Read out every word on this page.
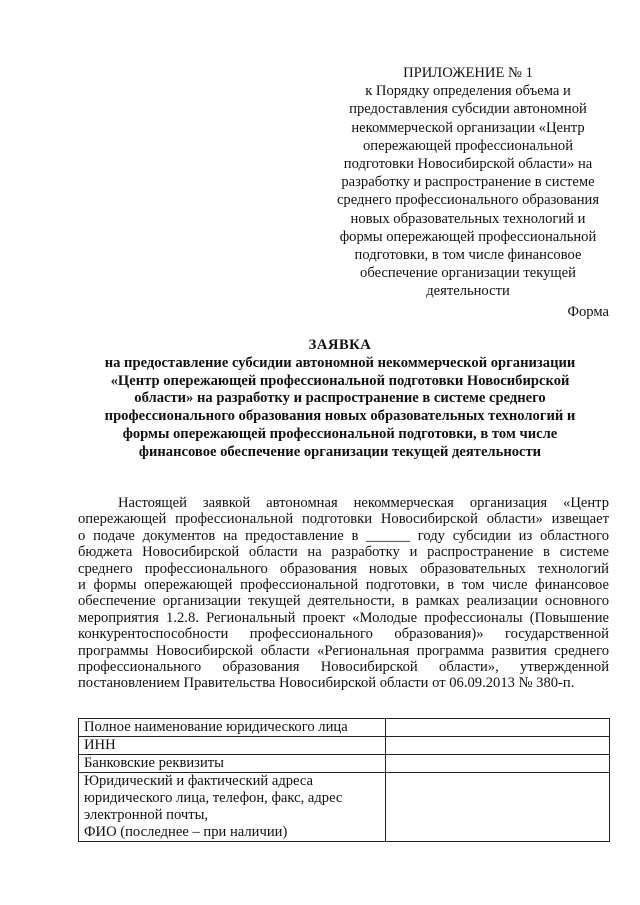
ПРИЛОЖЕНИЕ № 1
к Порядку определения объема и
предоставления субсидии автономной
некоммерческой организации «Центр
опережающей профессиональной
подготовки Новосибирской области» на
разработку и распространение в системе
среднего профессионального образования
новых образовательных технологий и
формы опережающей профессиональной
подготовки, в том числе финансовое
обеспечение организации текущей
деятельности
Форма
ЗАЯВКА
на предоставление субсидии автономной некоммерческой организации
«Центр опережающей профессиональной подготовки Новосибирской
области» на разработку и распространение в системе среднего
профессионального образования новых образовательных технологий и
формы опережающей профессиональной подготовки, в том числе
финансовое обеспечение организации текущей деятельности
Настоящей заявкой автономная некоммерческая организация «Центр
опережающей профессиональной подготовки Новосибирской области» извещает
о подаче документов на предоставление в ______ году субсидии из областного
бюджета Новосибирской области на разработку и распространение в системе
среднего профессионального образования новых образовательных технологий
и формы опережающей профессиональной подготовки, в том числе финансовое
обеспечение организации текущей деятельности, в рамках реализации основного
мероприятия 1.2.8. Региональный проект «Молодые профессионалы (Повышение
конкурентоспособности профессионального образования)» государственной
программы Новосибирской области «Региональная программа развития среднего
профессионального образования Новосибирской области», утвержденной
постановлением Правительства Новосибирской области от 06.09.2013 № 380-п.
Полное наименование юридического лица	
ИНН	
Банковские реквизиты	

Юридический и фактический адреса
юридического лица, телефон, факс, адрес
электронной почты,
ФИО (последнее – при наличии)	
